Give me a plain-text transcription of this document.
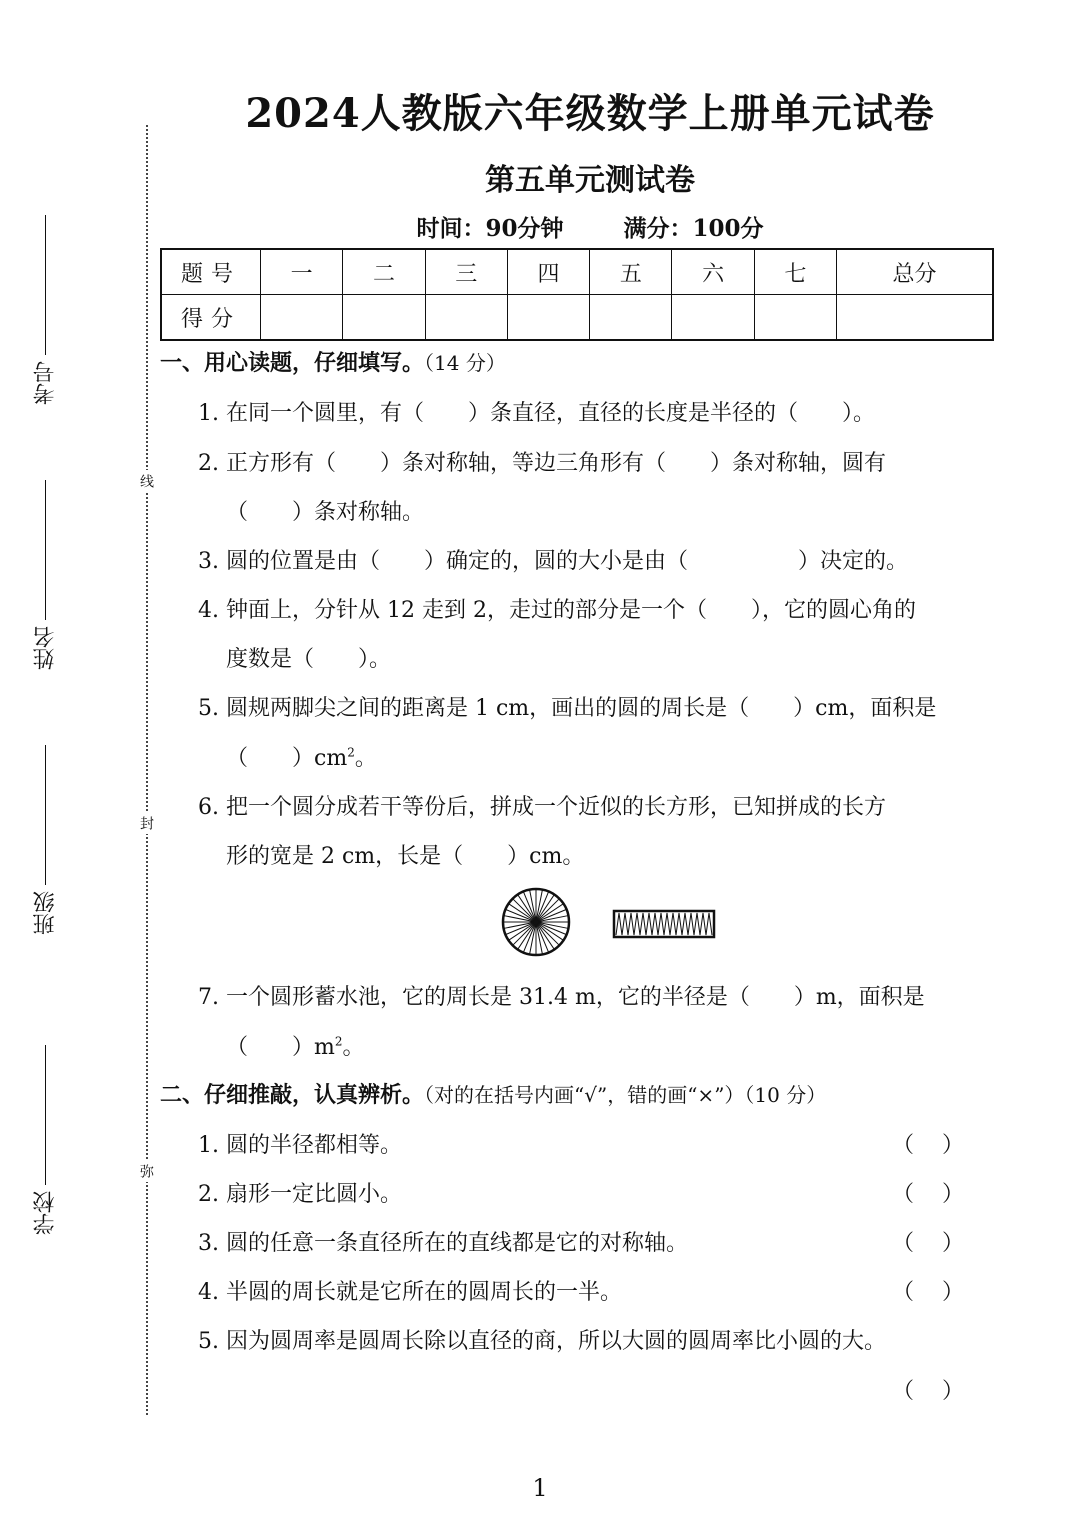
线
封
弥
考号
姓名
班级
学校
2024人教版六年级数学上册单元试卷
第五单元测试卷
时间：90分钟	满分：100分
题号	一	二	三	四	五	六	七	总分
得分								
一、用心读题，仔细填写。（14 分）
1. 在同一个圆里，有（　　）条直径，直径的长度是半径的（　　）。
2. 正方形有（　　）条对称轴，等边三角形有（　　）条对称轴，圆有
（　　）条对称轴。
3. 圆的位置是由（　　）确定的，圆的大小是由（　　　　　）决定的。
4. 钟面上，分针从 12 走到 2，走过的部分是一个（　　），它的圆心角的
度数是（　　）。
5. 圆规两脚尖之间的距离是 1 cm，画出的圆的周长是（　　）cm，面积是
（　　）$cm^2$。
6. 把一个圆分成若干等份后，拼成一个近似的长方形，已知拼成的长方
形的宽是 2 cm，长是（　　）cm。
7. 一个圆形蓄水池，它的周长是 31.4 m，它的半径是（　　）m，面积是
（　　）$m^2$。
二、仔细推敲，认真辨析。（对的在括号内画“√”，错的画“×”）（10 分）
1. 圆的半径都相等。	（）
2. 扇形一定比圆小。	（）
3. 圆的任意一条直径所在的直线都是它的对称轴。	（）
4. 半圆的周长就是它所在的圆周长的一半。	（）
5. 因为圆周率是圆周长除以直径的商，所以大圆的圆周率比小圆的大。
（）
1
